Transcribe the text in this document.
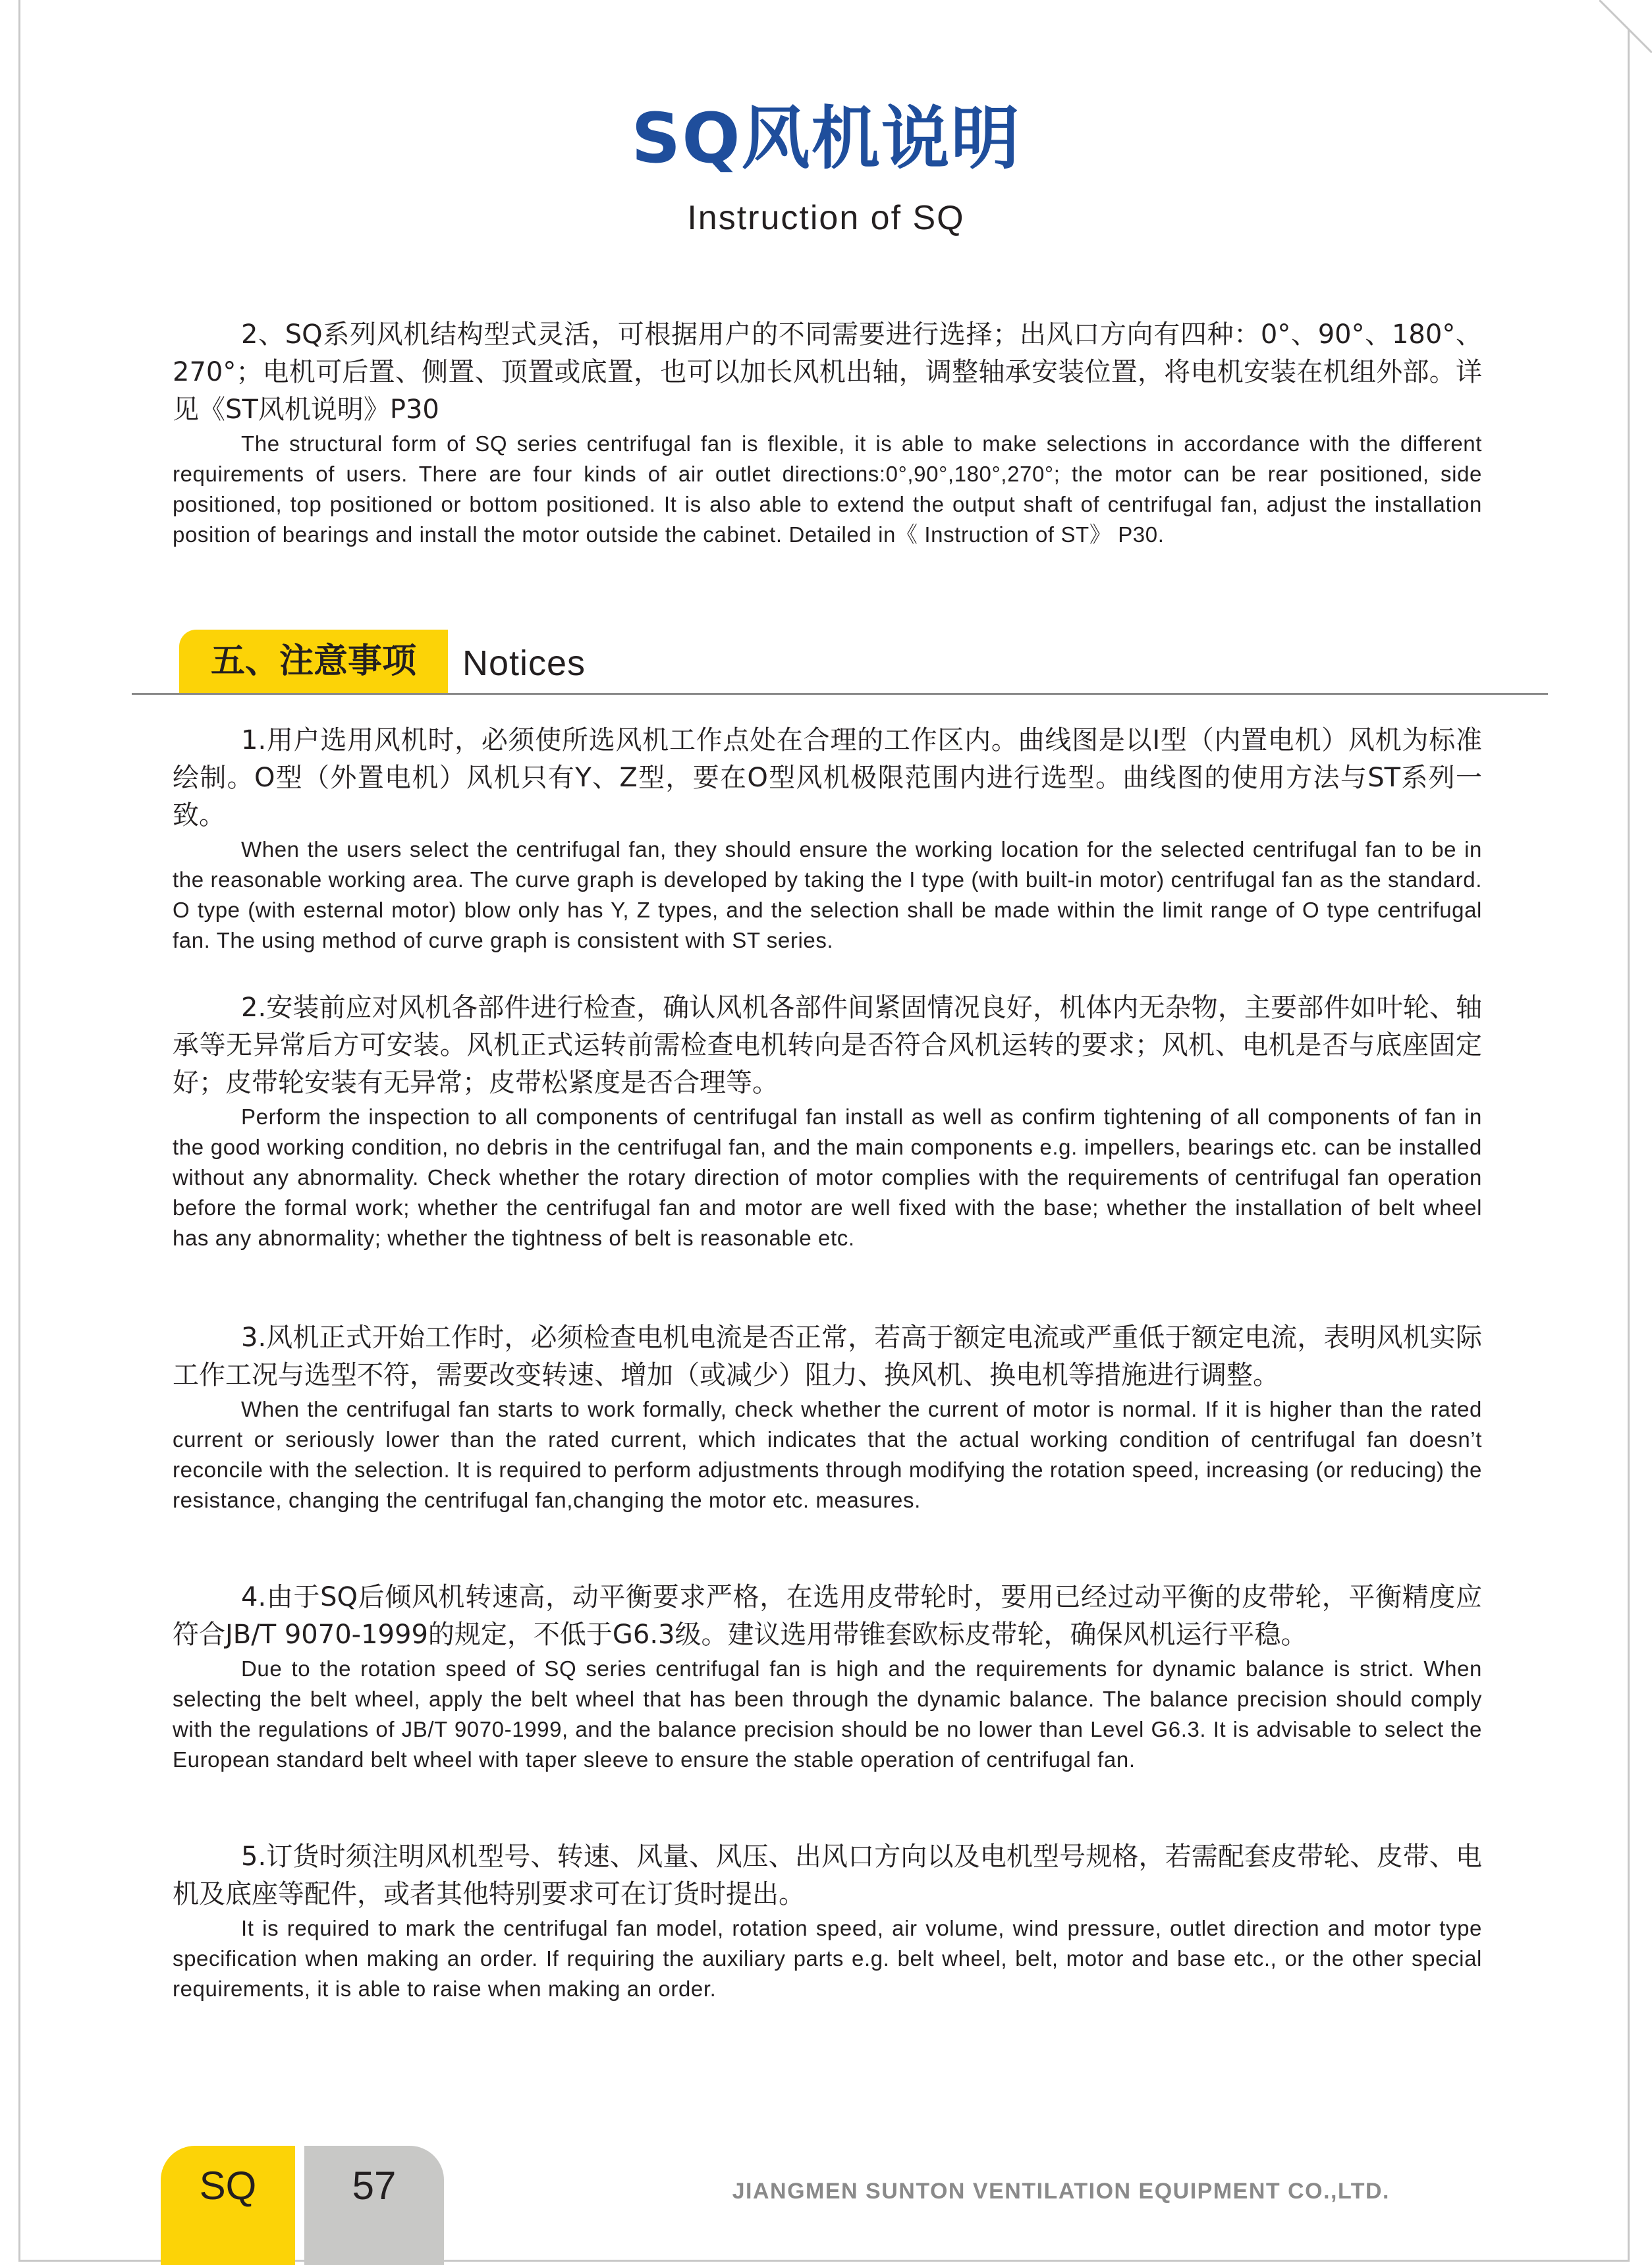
SQ风机说明
Instruction of SQ

2、SQ系列风机结构型式灵活，可根据用户的不同需要进行选择；出风口方向有四种：0°、90°、180°、270°；电机可后置、侧置、顶置或底置，也可以加长风机出轴，调整轴承安装位置，将电机安装在机组外部。详见《ST风机说明》P30

The structural form of SQ series centrifugal fan is flexible, it is able to make selections in accordance with the different requirements of users. There are four kinds of air outlet directions:0°,90°,180°,270°; the motor can be rear positioned, side positioned, top positioned or bottom positioned. It is also able to extend the output shaft of centrifugal fan, adjust the installation position of bearings and install the motor outside the cabinet. Detailed in《 Instruction of ST》 P30.

五、注意事项	Notices

1.用户选用风机时，必须使所选风机工作点处在合理的工作区内。曲线图是以I型（内置电机）风机为标准绘制。O型（外置电机）风机只有Y、Z型，要在O型风机极限范围内进行选型。曲线图的使用方法与ST系列一致。

When the users select the centrifugal fan, they should ensure the working location for the selected centrifugal fan to be in the reasonable working area. The curve graph is developed by taking the I type (with built-in motor) centrifugal fan as the standard. O type (with esternal motor) blow only has Y, Z types, and the selection shall be made within the limit range of O type centrifugal fan. The using method of curve graph is consistent with ST series.

2.安装前应对风机各部件进行检查，确认风机各部件间紧固情况良好，机体内无杂物，主要部件如叶轮、轴承等无异常后方可安装。风机正式运转前需检查电机转向是否符合风机运转的要求；风机、电机是否与底座固定好；皮带轮安装有无异常；皮带松紧度是否合理等。

Perform the inspection to all components of centrifugal fan install as well as confirm tightening of all components of fan in the good working condition, no debris in the centrifugal fan, and the main components e.g. impellers, bearings etc. can be installed without any abnormality. Check whether the rotary direction of motor complies with the requirements of centrifugal fan operation before the formal work; whether the centrifugal fan and motor are well fixed with the base; whether the installation of belt wheel has any abnormality; whether the tightness of belt is reasonable etc.

3.风机正式开始工作时，必须检查电机电流是否正常，若高于额定电流或严重低于额定电流，表明风机实际工作工况与选型不符，需要改变转速、增加（或减少）阻力、换风机、换电机等措施进行调整。

When the centrifugal fan starts to work formally, check whether the current of motor is normal. If it is higher than the rated current or seriously lower than the rated current, which indicates that the actual working condition of centrifugal fan doesn’t reconcile with the selection. It is required to perform adjustments through modifying the rotation speed, increasing (or reducing) the resistance, changing the centrifugal fan,changing the motor etc. measures.

4.由于SQ后倾风机转速高，动平衡要求严格，在选用皮带轮时，要用已经过动平衡的皮带轮，平衡精度应符合JB/T 9070-1999的规定，不低于G6.3级。建议选用带锥套欧标皮带轮，确保风机运行平稳。

Due to the rotation speed of SQ series centrifugal fan is high and the requirements for dynamic balance is strict. When selecting the belt wheel, apply the belt wheel that has been through the dynamic balance. The balance precision should comply with the regulations of JB/T 9070-1999, and the balance precision should be no lower than Level G6.3. It is advisable to select the European standard belt wheel with taper sleeve to ensure the stable operation of centrifugal fan.

5.订货时须注明风机型号、转速、风量、风压、出风口方向以及电机型号规格，若需配套皮带轮、皮带、电机及底座等配件，或者其他特别要求可在订货时提出。

It is required to mark the centrifugal fan model, rotation speed, air volume, wind pressure, outlet direction and motor type specification when making an order. If requiring the auxiliary parts e.g. belt wheel, belt, motor and base etc., or the other special requirements, it is able to raise when making an order.

SQ	57	JIANGMEN SUNTON VENTILATION EQUIPMENT CO.,LTD.
